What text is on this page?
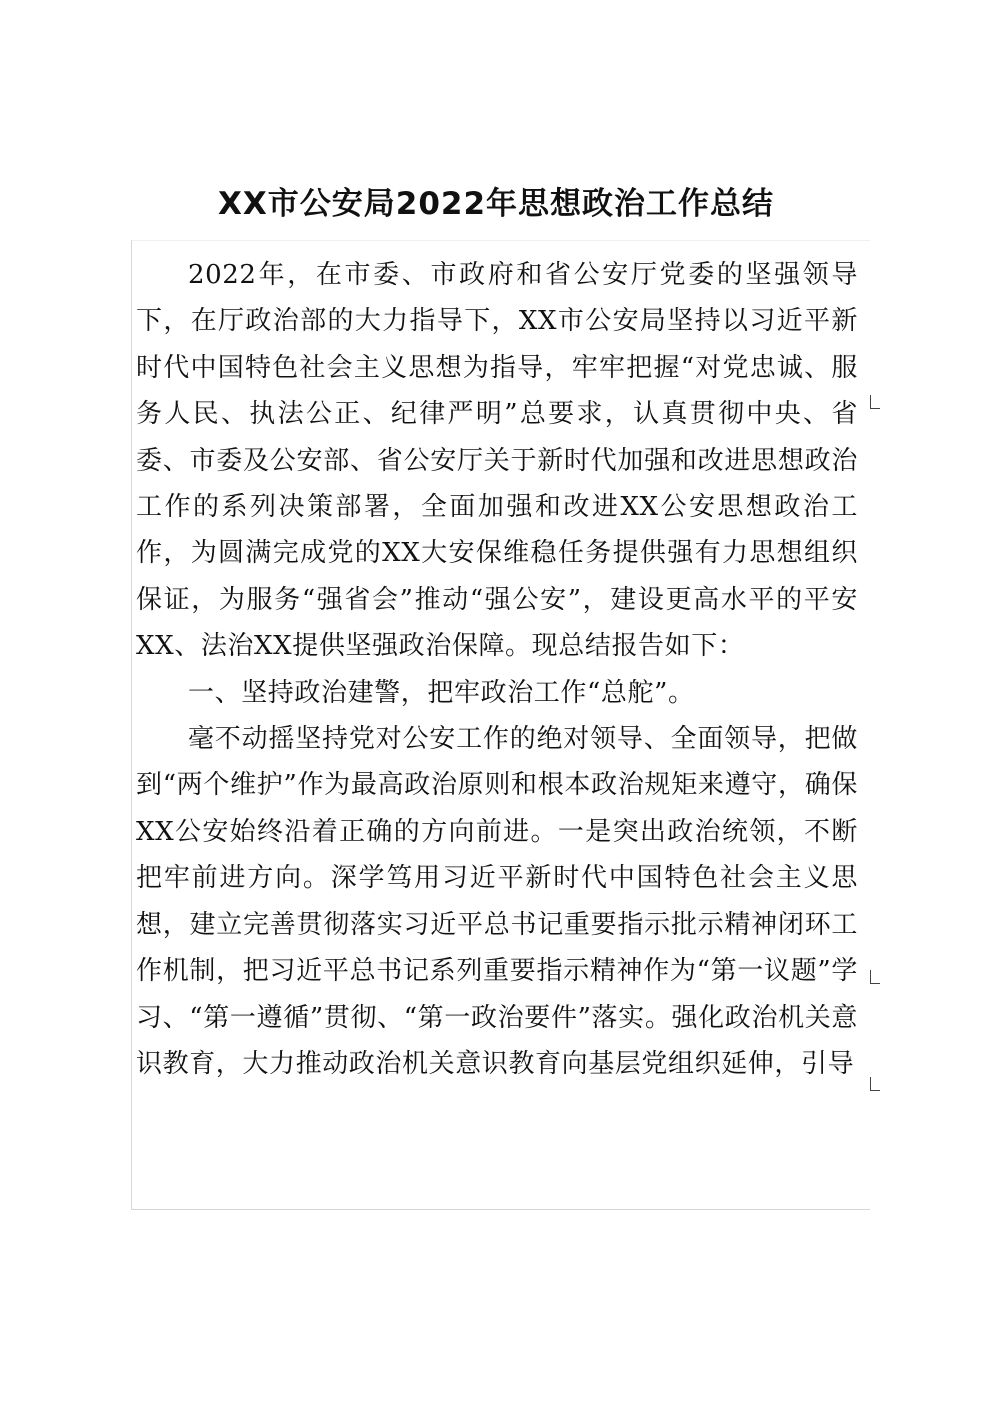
XX市公安局2022年思想政治工作总结

2022年，在市委、市政府和省公安厅党委的坚强领导下，在厅政治部的大力指导下，XX市公安局坚持以习近平新时代中国特色社会主义思想为指导，牢牢把握“对党忠诚、服务人民、执法公正、纪律严明”总要求，认真贯彻中央、省委、市委及公安部、省公安厅关于新时代加强和改进思想政治工作的系列决策部署，全面加强和改进XX公安思想政治工作，为圆满完成党的XX大安保维稳任务提供强有力思想组织保证，为服务“强省会”推动“强公安”，建设更高水平的平安XX、法治XX提供坚强政治保障。现总结报告如下：

一、坚持政治建警，把牢政治工作“总舵”。

毫不动摇坚持党对公安工作的绝对领导、全面领导，把做到“两个维护”作为最高政治原则和根本政治规矩来遵守，确保XX公安始终沿着正确的方向前进。一是突出政治统领，不断把牢前进方向。深学笃用习近平新时代中国特色社会主义思想，建立完善贯彻落实习近平总书记重要指示批示精神闭环工作机制，把习近平总书记系列重要指示精神作为“第一议题”学习、“第一遵循”贯彻、“第一政治要件”落实。强化政治机关意识教育，大力推动政治机关意识教育向基层党组织延伸，引导
